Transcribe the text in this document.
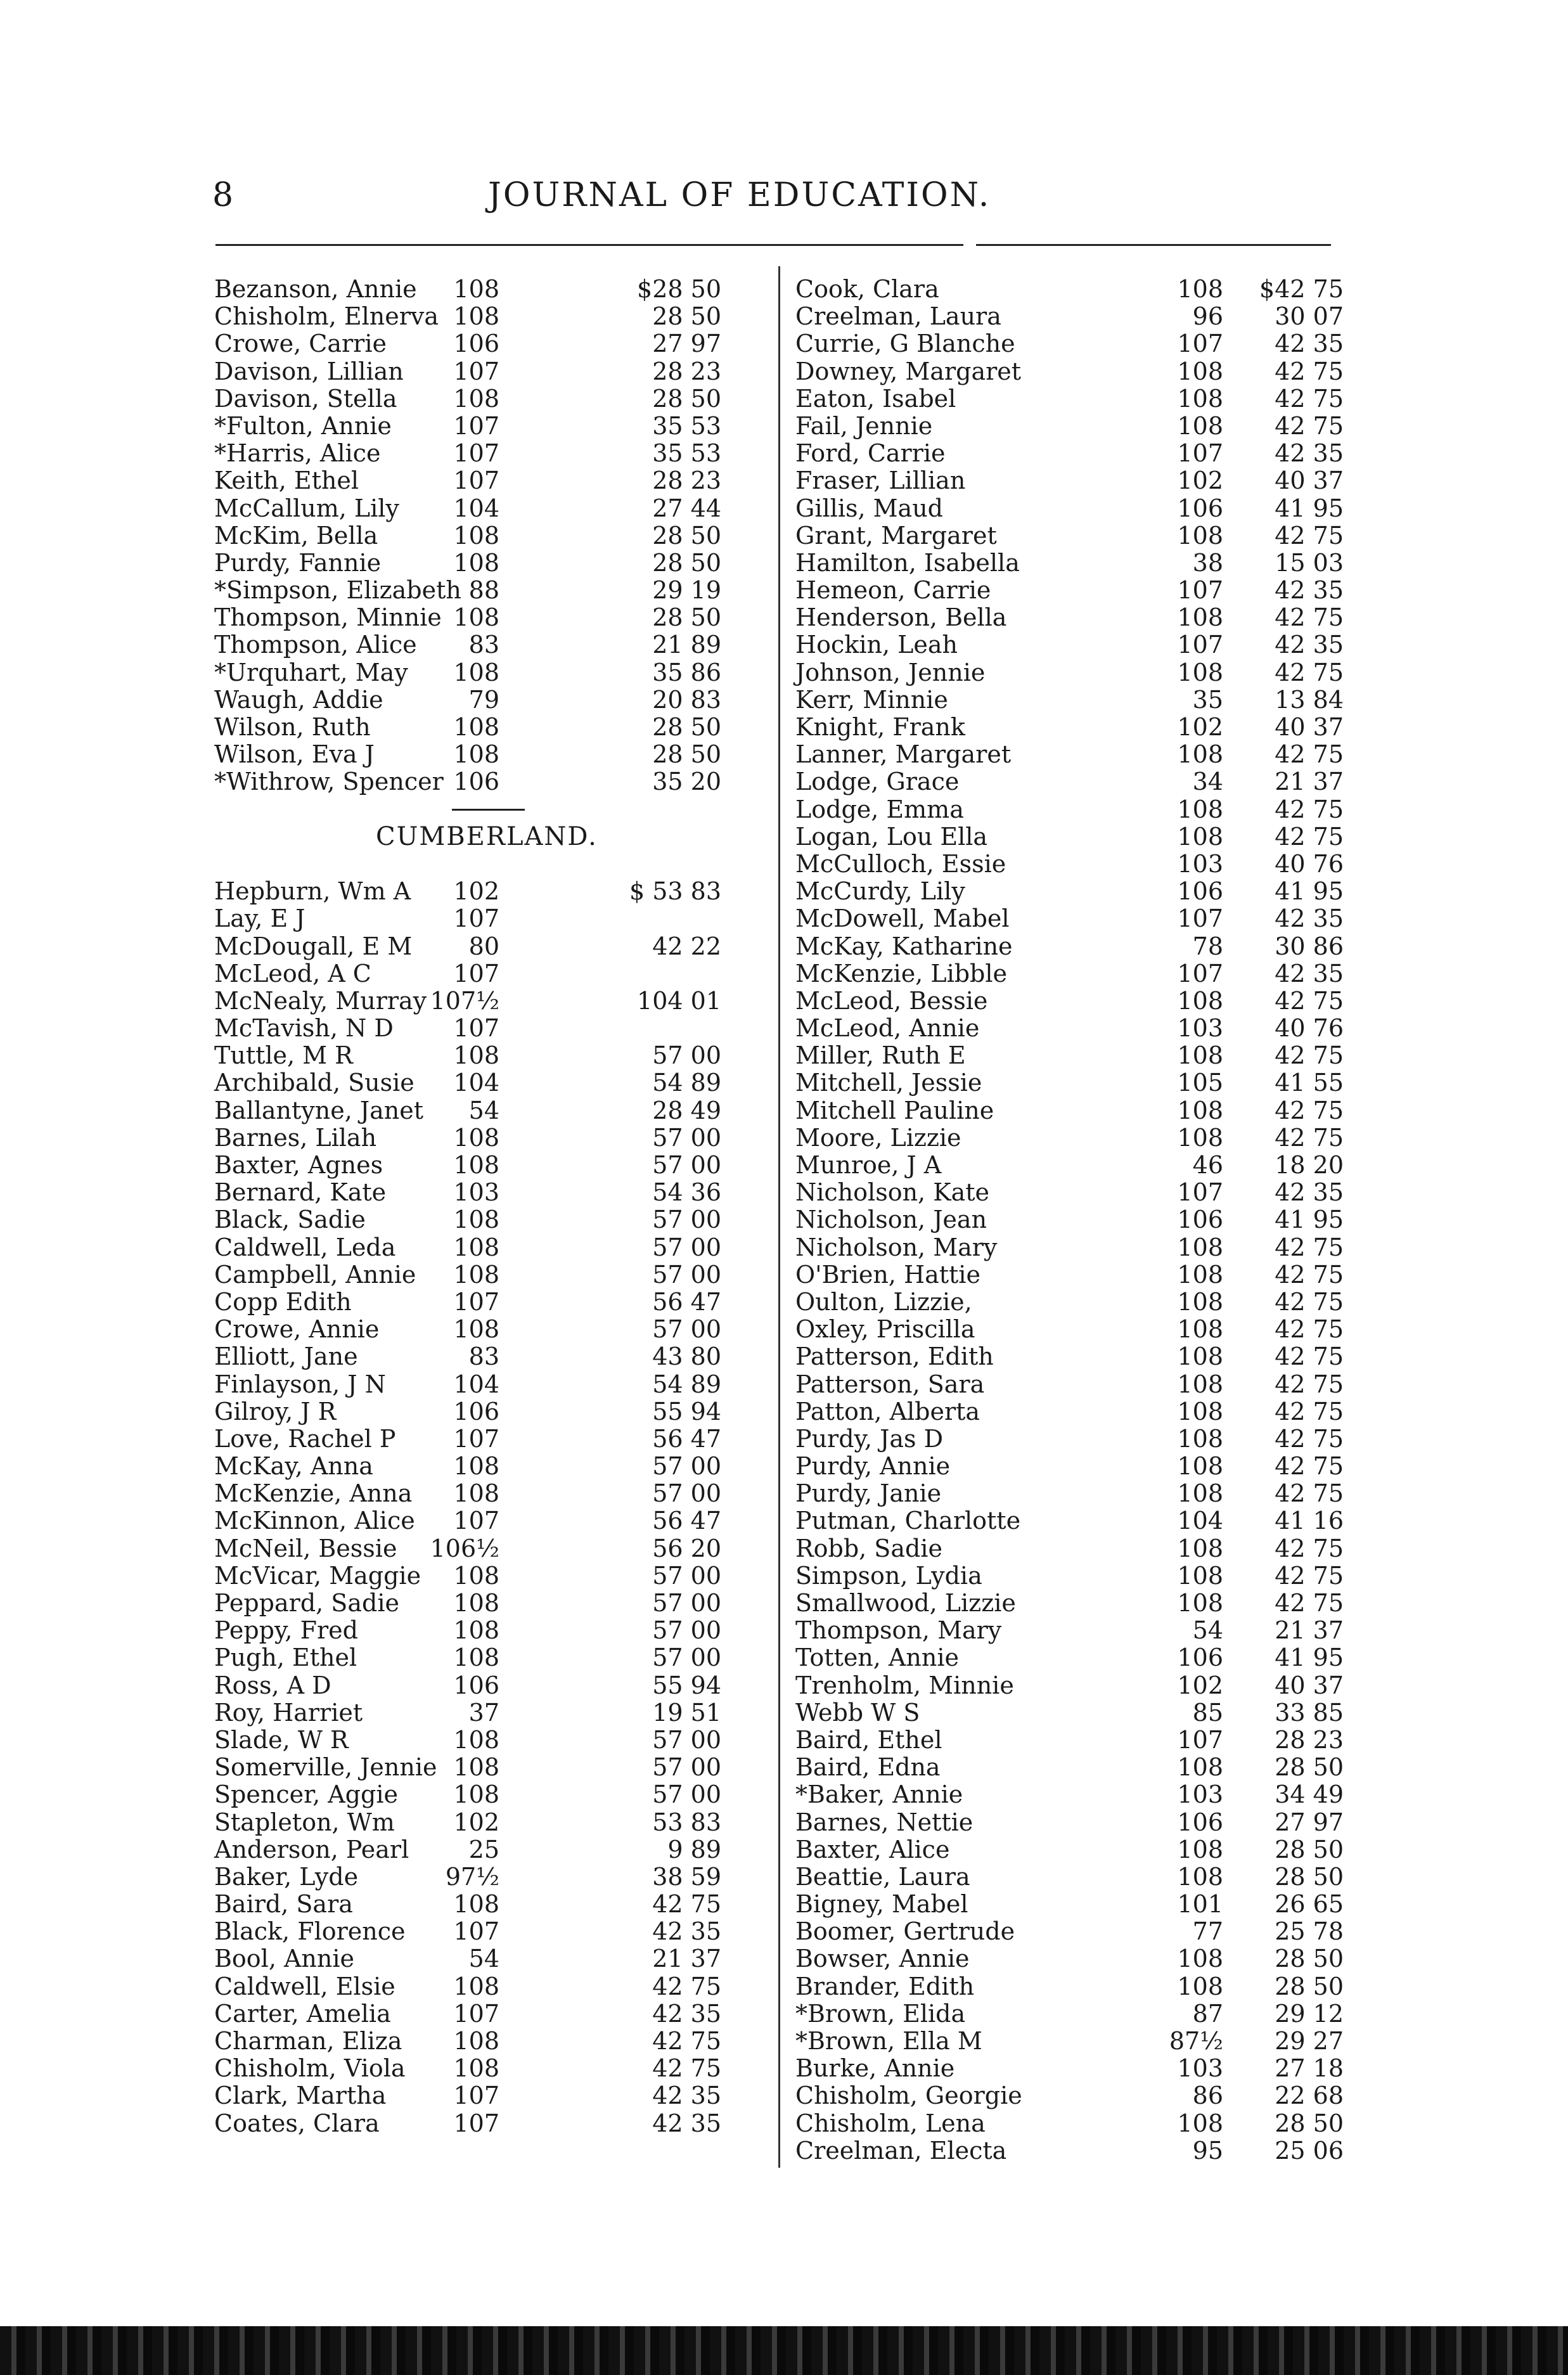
8	JOURNAL OF EDUCATION.
Bezanson, Annie 108	$28 50
Chisholm, Elnerva 108	28 50
Crowe, Carrie	106	27 97
Davison, Lillian 107	28 23
Davison, Stella 108	28 50
*Fulton, Annie	107	35 53
*Harris, Alice	107	35 53
Keith, Ethel	107	28 23
McCallum, Lily 104	27 44
McKim, Bella	108	28 50
Purdy, Fannie	108	28 50
*Simpson, Elizabeth 88	29 19
Thompson, Minnie 108	28 50
Thompson, Alice 83	21 89
*Urquhart, May 108	35 86
Waugh, Addie	79	20 83
Wilson, Ruth	108	28 50
Wilson, Eva J	108	28 50
*Withrow, Spencer 106	35 20
CUMBERLAND.
Hepburn, Wm A 102	$ 53 83
Lay, E J	107
McDougall, E M 80	42 22
McLeod, A C	107
McNealy, Murray 107½	104 01
McTavish, N D 107
Tuttle, M R	108	57 00
Archibald, Susie 104	54 89
Ballantyne, Janet 54	28 49
Barnes, Lilah	108	57 00
Baxter, Agnes	108	57 00
Bernard, Kate	103	54 36
Black, Sadie	108	57 00
Caldwell, Leda 108	57 00
Campbell, Annie 108	57 00
Copp Edith	107	56 47
Crowe, Annie	108	57 00
Elliott, Jane	83	43 80
Finlayson, J N	104	54 89
Gilroy, J R	106	55 94
Love, Rachel P 107	56 47
McKay, Anna	108	57 00
McKenzie, Anna 108	57 00
McKinnon, Alice 107	56 47
McNeil, Bessie 106½	56 20
McVicar, Maggie 108	57 00
Peppard, Sadie 108	57 00
Peppy, Fred	108	57 00
Pugh, Ethel	108	57 00
Ross, A D	106	55 94
Roy, Harriet	37	19 51
Slade, W R	108	57 00
Somerville, Jennie 108	57 00
Spencer, Aggie 108	57 00
Stapleton, Wm 102	53 83
Anderson, Pearl 25	9 89
Baker, Lyde	97½	38 59
Baird, Sara	108	42 75
Black, Florence 107	42 35
Bool, Annie	54	21 37
Caldwell, Elsie 108	42 75
Carter, Amelia	107	42 35
Charman, Eliza 108	42 75
Chisholm, Viola 108	42 75
Clark, Martha	107	42 35
Coates, Clara	107	42 35
Cook, Clara	108 $42 75
Creelman, Laura	96 30 07
Currie, G Blanche	107 42 35
Downey, Margaret	108 42 75
Eaton, Isabel	108 42 75
Fail, Jennie	108 42 75
Ford, Carrie	107 42 35
Fraser, Lillian	102 40 37
Gillis, Maud	106 41 95
Grant, Margaret	108 42 75
Hamilton, Isabella	38 15 03
Hemeon, Carrie	107 42 35
Henderson, Bella	108 42 75
Hockin, Leah	107 42 35
Johnson, Jennie	108 42 75
Kerr, Minnie	35 13 84
Knight, Frank	102 40 37
Lanner, Margaret	108 42 75
Lodge, Grace	34 21 37
Lodge, Emma	108 42 75
Logan, Lou Ella	108 42 75
McCulloch, Essie	103 40 76
McCurdy, Lily	106 41 95
McDowell, Mabel	107 42 35
McKay, Katharine	78 30 86
McKenzie, Libble	107 42 35
McLeod, Bessie	108 42 75
McLeod, Annie	103 40 76
Miller, Ruth E	108 42 75
Mitchell, Jessie	105 41 55
Mitchell Pauline	108 42 75
Moore, Lizzie	108 42 75
Munroe, J A	46 18 20
Nicholson, Kate	107 42 35
Nicholson, Jean	106 41 95
Nicholson, Mary	108 42 75
O'Brien, Hattie	108 42 75
Oulton, Lizzie,	108 42 75
Oxley, Priscilla	108 42 75
Patterson, Edith	108 42 75
Patterson, Sara	108 42 75
Patton, Alberta	108 42 75
Purdy, Jas D	108 42 75
Purdy, Annie	108 42 75
Purdy, Janie	108 42 75
Putman, Charlotte	104 41 16
Robb, Sadie	108 42 75
Simpson, Lydia	108 42 75
Smallwood, Lizzie	108 42 75
Thompson, Mary	54 21 37
Totten, Annie	106 41 95
Trenholm, Minnie	102 40 37
Webb W S	85 33 85
Baird, Ethel	107 28 23
Baird, Edna	108 28 50
*Baker, Annie	103 34 49
Barnes, Nettie	106 27 97
Baxter, Alice	108 28 50
Beattie, Laura	108 28 50
Bigney, Mabel	101 26 65
Boomer, Gertrude	77 25 78
Bowser, Annie	108 28 50
Brander, Edith	108 28 50
*Brown, Elida	87 29 12
*Brown, Ella M	87½ 29 27
Burke, Annie	103 27 18
Chisholm, Georgie	86 22 68
Chisholm, Lena	108 28 50
Creelman, Electa	95 25 06
